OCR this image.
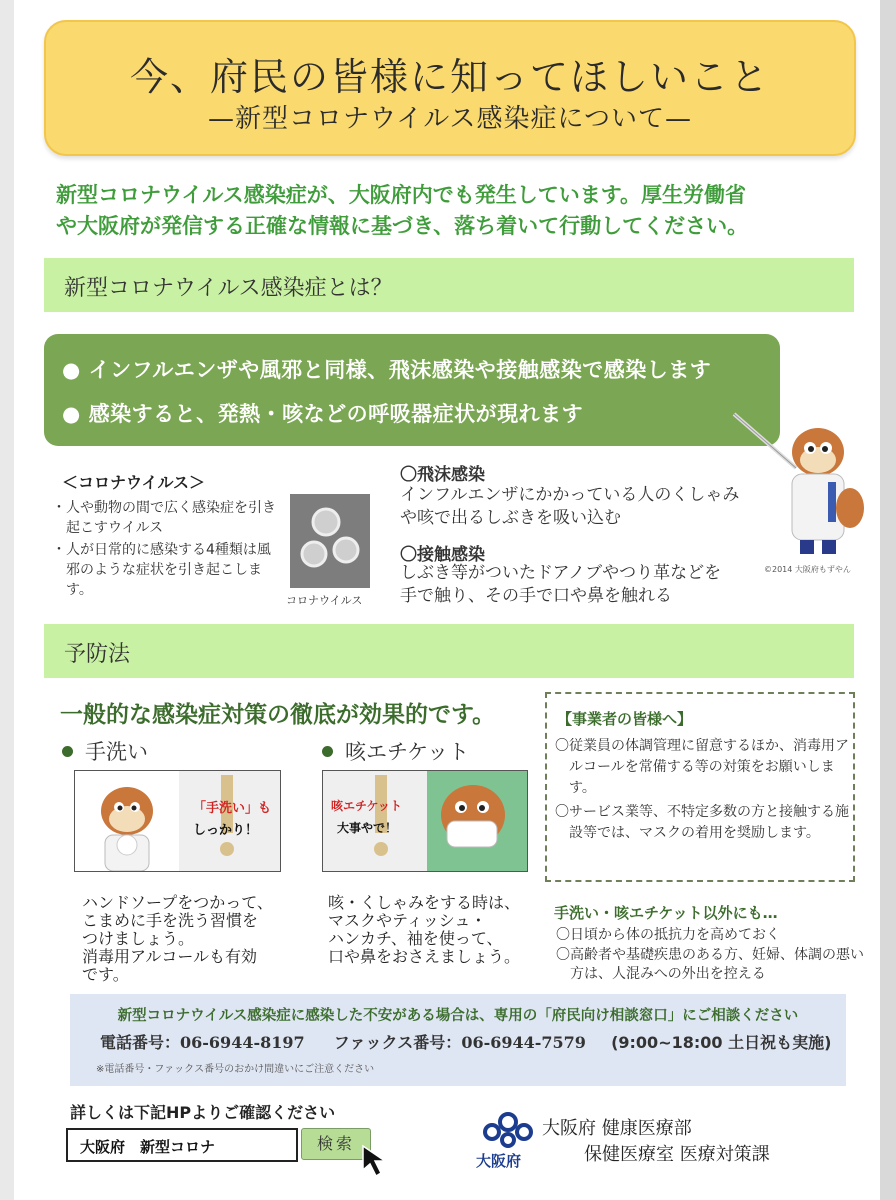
今、府民の皆様に知ってほしいこと
—新型コロナウイルス感染症について—
新型コロナウイルス感染症が、大阪府内でも発生しています。厚生労働省
や大阪府が発信する正確な情報に基づき、落ち着いて行動してください。
新型コロナウイルス感染症とは？
● インフルエンザや風邪と同様、飛沫感染や接触感染で感染します
● 感染すると、発熱・咳などの呼吸器症状が現れます
©2014 大阪府もずやん
＜コロナウイルス＞
・人や動物の間で広く感染症を引き起こすウイルス
・人が日常的に感染する4種類は風邪のような症状を引き起こします。
コロナウイルス
〇飛沫感染
インフルエンザにかかっている人のくしゃみ
や咳で出るしぶきを吸い込む
〇接触感染
しぶき等がついたドアノブやつり革などを
手で触り、その手で口や鼻を触れる
予防法
一般的な感染症対策の徹底が効果的です。
手洗い
「手洗い」も
しっかり！
ハンドソープをつかって、
こまめに手を洗う習慣を
つけましょう。
消毒用アルコールも有効
です。
咳エチケット
咳エチケット
大事やで！
咳・くしゃみをする時は、
マスクやティッシュ・
ハンカチ、袖を使って、
口や鼻をおさえましょう。
【事業者の皆様へ】
〇従業員の体調管理に留意するほか、消毒用アルコールを常備する等の対策をお願いします。
〇サービス業等、不特定多数の方と接触する施設等では、マスクの着用を奨励します。
手洗い・咳エチケット以外にも…
〇日頃から体の抵抗力を高めておく
〇高齢者や基礎疾患のある方、妊婦、体調の悪い方は、人混みへの外出を控える
新型コロナウイルス感染症に感染した不安がある場合は、専用の「府民向け相談窓口」にご相談ください
電話番号：06-6944-8197 ファックス番号：06-6944-7579 (9:00~18:00 土日祝も実施)
※電話番号・ファックス番号のおかけ間違いにご注意ください
詳しくは下記HPよりご確認ください
大阪府　新型コロナ	検索
大阪府
大阪府 健康医療部
保健医療室 医療対策課
